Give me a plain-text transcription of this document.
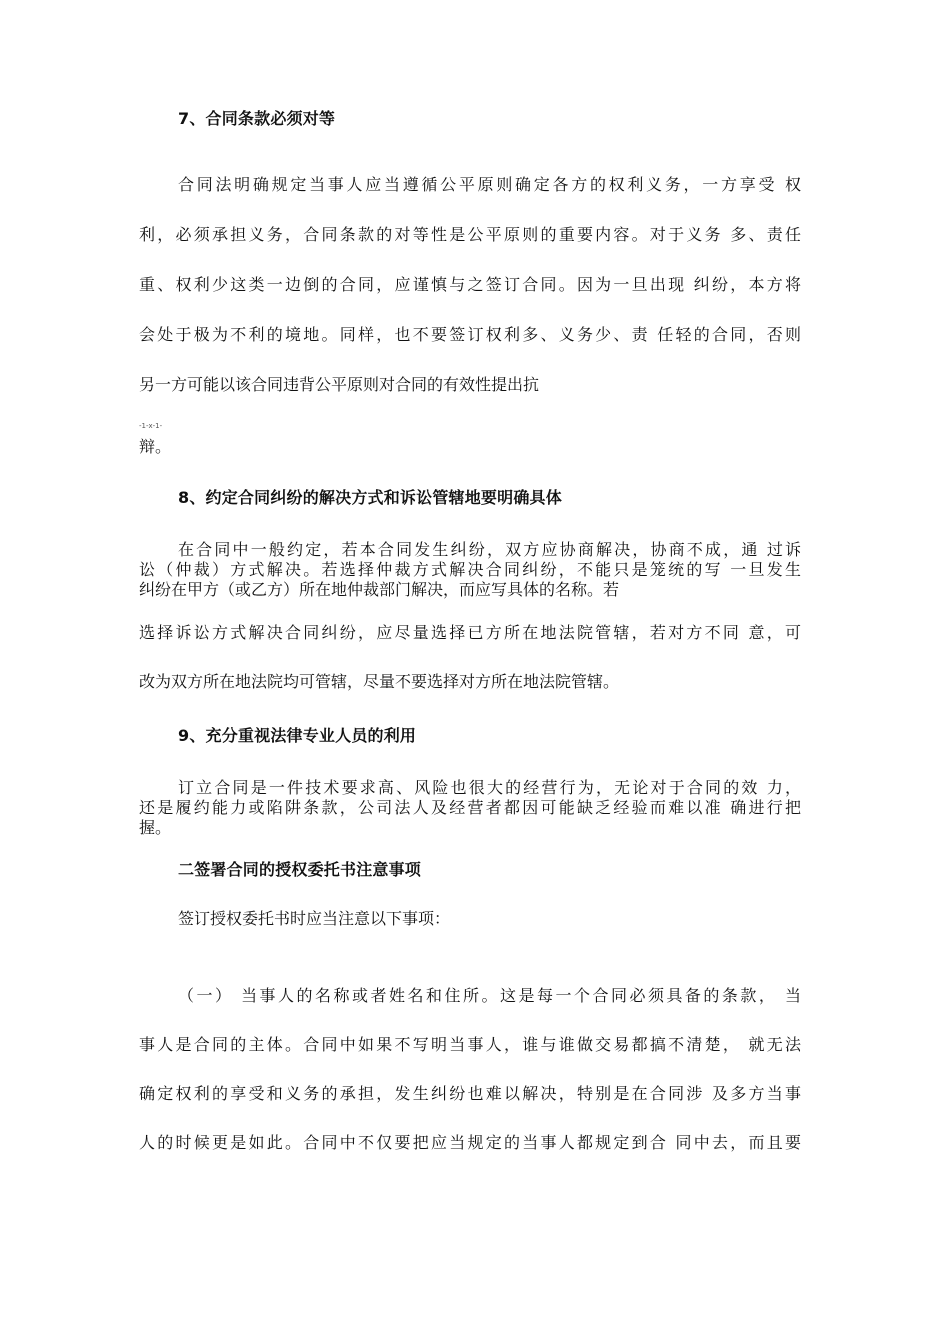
7、合同条款必须对等
合同法明确规定当事人应当遵循公平原则确定各方的权利义务，一方享受 权
利，必须承担义务，合同条款的对等性是公平原则的重要内容。对于义务 多、责任
重、权利少这类一边倒的合同，应谨慎与之签订合同。因为一旦出现 纠纷，本方将
会处于极为不利的境地。同样，也不要签订权利多、义务少、责 任轻的合同，否则
另一方可能以该合同违背公平原则对合同的有效性提出抗
-1-x-1-
辩。
8、约定合同纠纷的解决方式和诉讼管辖地要明确具体
在合同中一般约定，若本合同发生纠纷，双方应协商解决，协商不成，通 过诉
讼（仲裁）方式解决。若选择仲裁方式解决合同纠纷，不能只是笼统的写 一旦发生
纠纷在甲方（或乙方）所在地仲裁部门解决，而应写具体的名称。若
选择诉讼方式解决合同纠纷，应尽量选择已方所在地法院管辖，若对方不同 意，可
改为双方所在地法院均可管辖，尽量不要选择对方所在地法院管辖。
9、充分重视法律专业人员的利用
订立合同是一件技术要求高、风险也很大的经营行为，无论对于合同的效 力，
还是履约能力或陷阱条款，公司法人及经营者都因可能缺乏经验而难以准 确进行把
握。
二签署合同的授权委托书注意事项
签订授权委托书时应当注意以下事项：
（一） 当事人的名称或者姓名和住所。这是每一个合同必须具备的条款， 当
事人是合同的主体。合同中如果不写明当事人，谁与谁做交易都搞不清楚， 就无法
确定权利的享受和义务的承担，发生纠纷也难以解决，特别是在合同涉 及多方当事
人的时候更是如此。合同中不仅要把应当规定的当事人都规定到合 同中去，而且要
